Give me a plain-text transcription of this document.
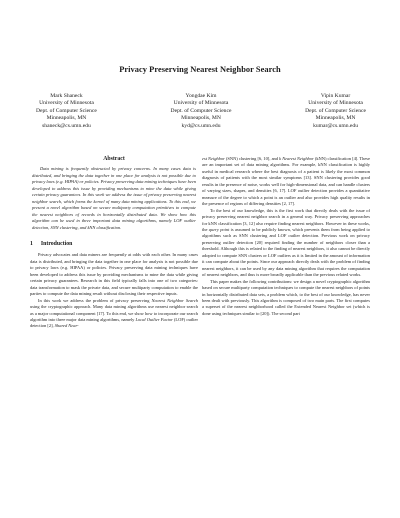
Privacy Preserving Nearest Neighbor Search
Mark Shaneck
University of Minnesota
Dept. of Computer Science
Minneapolis, MN
shaneck@cs.umn.edu
Yongdae Kim
University of Minnesota
Dept. of Computer Science
Minneapolis, MN
kyd@cs.umn.edu
Vipin Kumar
University of Minnesota
Dept. of Computer Science
Minneapolis, MN
kumar@cs.umn.edu
Abstract

Data mining is frequently obstructed by privacy concerns. In many cases data is distributed, and bringing the data together in one place for analysis is not possible due to privacy laws (e.g. HIPAA) or policies. Privacy preserving data mining techniques have been developed to address this issue by providing mechanisms to mine the data while giving certain privacy guarantees. In this work we address the issue of privacy preserving nearest neighbor search, which forms the kernel of many data mining applications. To this end, we present a novel algorithm based on secure multiparty computation primitives to compute the nearest neighbors of records in horizontally distributed data. We show how this algorithm can be used in three important data mining algorithms, namely LOF outlier detection, SNN clustering, and kNN classification.

1 Introduction

Privacy advocates and data miners are frequently at odds with each other. In many cases data is distributed, and bringing the data together in one place for analysis is not possible due to privacy laws (e.g. HIPAA) or policies. Privacy preserving data mining techniques have been developed to address this issue by providing mechanisms to mine the data while giving certain privacy guarantees. Research in this field typically falls into one of two categories: data transformation to mask the private data, and secure multiparty computation to enable the parties to compute the data mining result without disclosing their respective inputs.

In this work we address the problem of privacy preserving Nearest Neighbor Search using the cryptographic approach. Many data mining algorithms use nearest neighbor search as a major computational component [17]. To this end, we show how to incorporate our search algorithm into three major data mining algorithms, namely Local Outlier Factor (LOF) outlier detection [2], Shared Near-

est Neighbor (SNN) clustering [6, 10], and k Nearest Neighbor (kNN) classification [4]. These are an important set of data mining algorithms. For example, kNN classification is highly useful in medical research where the best diagnosis of a patient is likely the most common diagnosis of patients with the most similar symptoms [13]. SNN clustering provides good results in the presence of noise, works well for high-dimensional data, and can handle clusters of varying sizes, shapes, and densities [6, 17]. LOF outlier detection provides a quantitative measure of the degree to which a point is an outlier and also provides high quality results in the presence of regions of differing densities [2, 17].

To the best of our knowledge, this is the first work that directly deals with the issue of privacy preserving nearest neighbor search in a general way. Privacy preserving approaches for kNN classification [3, 12] also require finding nearest neighbors. However in these works, the query point is assumed to be publicly known, which prevents them from being applied to algorithms such as SNN clustering and LOF outlier detection. Previous work on privacy preserving outlier detection [20] required finding the number of neighbors closer than a threshold. Although this is related to the finding of nearest neighbors, it also cannot be directly adopted to compute SNN clusters or LOF outliers as it is limited in the amount of information it can compute about the points. Since our approach directly deals with the problem of finding nearest neighbors, it can be used by any data mining algorithm that requires the computation of nearest neighbors, and thus is more broadly applicable than the previous related works.

This paper makes the following contributions: we design a novel cryptographic algorithm based on secure multiparty computation techniques to compute the nearest neighbors of points in horizontally distributed data sets, a problem which, to the best of our knowledge, has never been dealt with previously. This algorithm is composed of two main parts. The first computes a superset of the nearest neighborhood called the Extended Nearest Neighbor set (which is done using techniques similar to [20]). The second part
